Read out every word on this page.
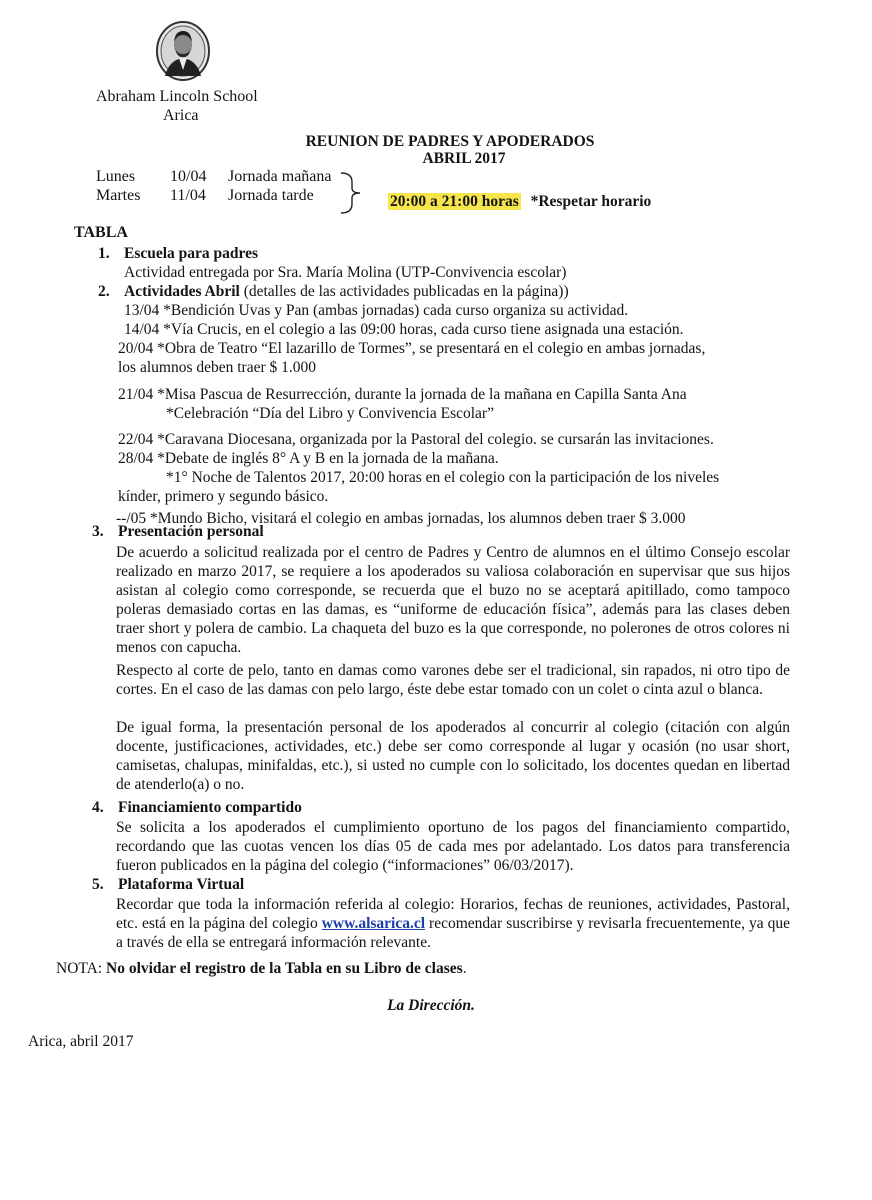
Abraham Lincoln School
Arica
REUNION DE PADRES Y APODERADOS
ABRIL 2017
Lunes 10/04 Jornada mañana
Martes 11/04 Jornada tarde	20:00 a 21:00 horas *Respetar horario
TABLA
1. Escuela para padres
Actividad entregada por Sra. María Molina (UTP-Convivencia escolar)
2. Actividades Abril (detalles de las actividades publicadas en la página))
13/04 *Bendición Uvas y Pan (ambas jornadas) cada curso organiza su actividad.
14/04 *Vía Crucis, en el colegio a las 09:00 horas, cada curso tiene asignada una estación.
20/04 *Obra de Teatro “El lazarillo de Tormes”, se presentará en el colegio en ambas jornadas,
los alumnos deben traer $ 1.000
21/04 *Misa Pascua de Resurrección, durante la jornada de la mañana en Capilla Santa Ana
*Celebración “Día del Libro y Convivencia Escolar”
22/04 *Caravana Diocesana, organizada por la Pastoral del colegio. se cursarán las invitaciones.
28/04 *Debate de inglés 8° A y B en la jornada de la mañana.
*1° Noche de Talentos 2017, 20:00 horas en el colegio con la participación de los niveles
kínder, primero y segundo básico.
--/05 *Mundo Bicho, visitará el colegio en ambas jornadas, los alumnos deben traer $ 3.000
3. Presentación personal
De acuerdo a solicitud realizada por el centro de Padres y Centro de alumnos en el último Consejo escolar realizado en marzo 2017, se requiere a los apoderados su valiosa colaboración en supervisar que sus hijos asistan al colegio como corresponde, se recuerda que el buzo no se aceptará apitillado, como tampoco poleras demasiado cortas en las damas, es “uniforme de educación física”, además para las clases deben traer short y polera de cambio. La chaqueta del buzo es la que corresponde, no polerones de otros colores ni menos con capucha.
Respecto al corte de pelo, tanto en damas como varones debe ser el tradicional, sin rapados, ni otro tipo de cortes. En el caso de las damas con pelo largo, éste debe estar tomado con un colet o cinta azul o blanca.
De igual forma, la presentación personal de los apoderados al concurrir al colegio (citación con algún docente, justificaciones, actividades, etc.) debe ser como corresponde al lugar y ocasión (no usar short, camisetas, chalupas, minifaldas, etc.), si usted no cumple con lo solicitado, los docentes quedan en libertad de atenderlo(a) o no.
4. Financiamiento compartido
Se solicita a los apoderados el cumplimiento oportuno de los pagos del financiamiento compartido, recordando que las cuotas vencen los días 05 de cada mes por adelantado. Los datos para transferencia fueron publicados en la página del colegio (“informaciones” 06/03/2017).
5. Plataforma Virtual
Recordar que toda la información referida al colegio: Horarios, fechas de reuniones, actividades, Pastoral, etc. está en la página del colegio www.alsarica.cl recomendar suscribirse y revisarla frecuentemente, ya que a través de ella se entregará información relevante.
NOTA: No olvidar el registro de la Tabla en su Libro de clases.
La Dirección.
Arica, abril 2017
